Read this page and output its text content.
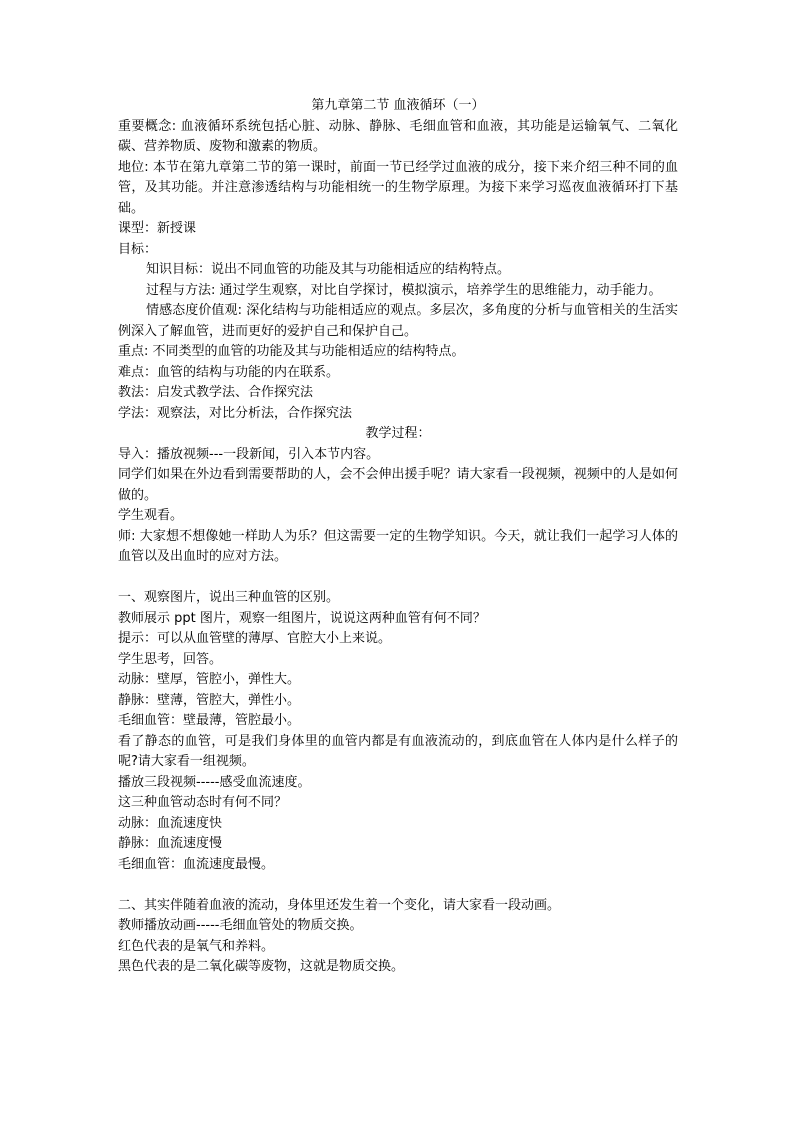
第九章第二节 血液循环（一）

重要概念: 血液循环系统包括心脏、动脉、静脉、毛细血管和血液，其功能是运输氧气、二氧化碳、营养物质、废物和激素的物质。

地位: 本节在第九章第二节的第一课时，前面一节已经学过血液的成分，接下来介绍三种不同的血管，及其功能。并注意渗透结构与功能相统一的生物学原理。为接下来学习巡夜血液循环打下基础。

课型：新授课

目标：

知识目标：说出不同血管的功能及其与功能相适应的结构特点。

过程与方法: 通过学生观察，对比自学探讨，模拟演示，培养学生的思维能力，动手能力。

情感态度价值观: 深化结构与功能相适应的观点。多层次，多角度的分析与血管相关的生活实例深入了解血管，进而更好的爱护自己和保护自己。

重点: 不同类型的血管的功能及其与功能相适应的结构特点。

难点：血管的结构与功能的内在联系。

教法：启发式教学法、合作探究法

学法：观察法，对比分析法，合作探究法

教学过程：

导入：播放视频---一段新闻，引入本节内容。

同学们如果在外边看到需要帮助的人，会不会伸出援手呢？请大家看一段视频，视频中的人是如何做的。

学生观看。

师: 大家想不想像她一样助人为乐？但这需要一定的生物学知识。今天，就让我们一起学习人体的血管以及出血时的应对方法。

一、观察图片，说出三种血管的区别。

教师展示 ppt 图片，观察一组图片，说说这两种血管有何不同？

提示：可以从血管壁的薄厚、官腔大小上来说。

学生思考，回答。

动脉：壁厚，管腔小，弹性大。

静脉：壁薄，管腔大，弹性小。

毛细血管：壁最薄，管腔最小。

看了静态的血管，可是我们身体里的血管内都是有血液流动的，到底血管在人体内是什么样子的呢?请大家看一组视频。

播放三段视频-----感受血流速度。

这三种血管动态时有何不同？

动脉：血流速度快

静脉：血流速度慢

毛细血管：血流速度最慢。

二、其实伴随着血液的流动，身体里还发生着一个变化，请大家看一段动画。

教师播放动画-----毛细血管处的物质交换。

红色代表的是氧气和养料。

黑色代表的是二氧化碳等废物，这就是物质交换。
